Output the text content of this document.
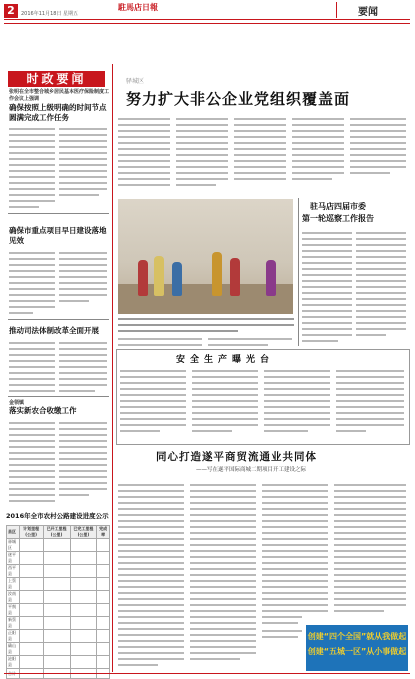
2	2016年11月18日 星期五
駐馬店日報	要闻
时政要闻
张明在全市整合城乡居民基本医疗保险制度工作会议上强调
确保按照上级明确的时间节点圆满完成工作任务
确保市重点项目早日建设落地见效
推动司法体制改革全面开展
金领镇
落实新农合收缴工作
2016年全市农村公路建设进度公示
县区	计划里程(公里)	已开工里程(公里)	已完工里程(公里)	完成率
驿城区				
遂平县				
西平县				
上蔡县				
汝南县				
平舆县				
新蔡县				
正阳县				
确山县				
泌阳县				

驿城区
努力扩大非公企业党组织覆盖面
驻马店四届市委
第一轮巡察工作报告
安全生产曝光台
同心打造遂平商贸流通业共同体
——写在遂平国际商城二期项目开工建设之际
创建“四个全国”就从我做起
创建“五城一区”从小事做起
